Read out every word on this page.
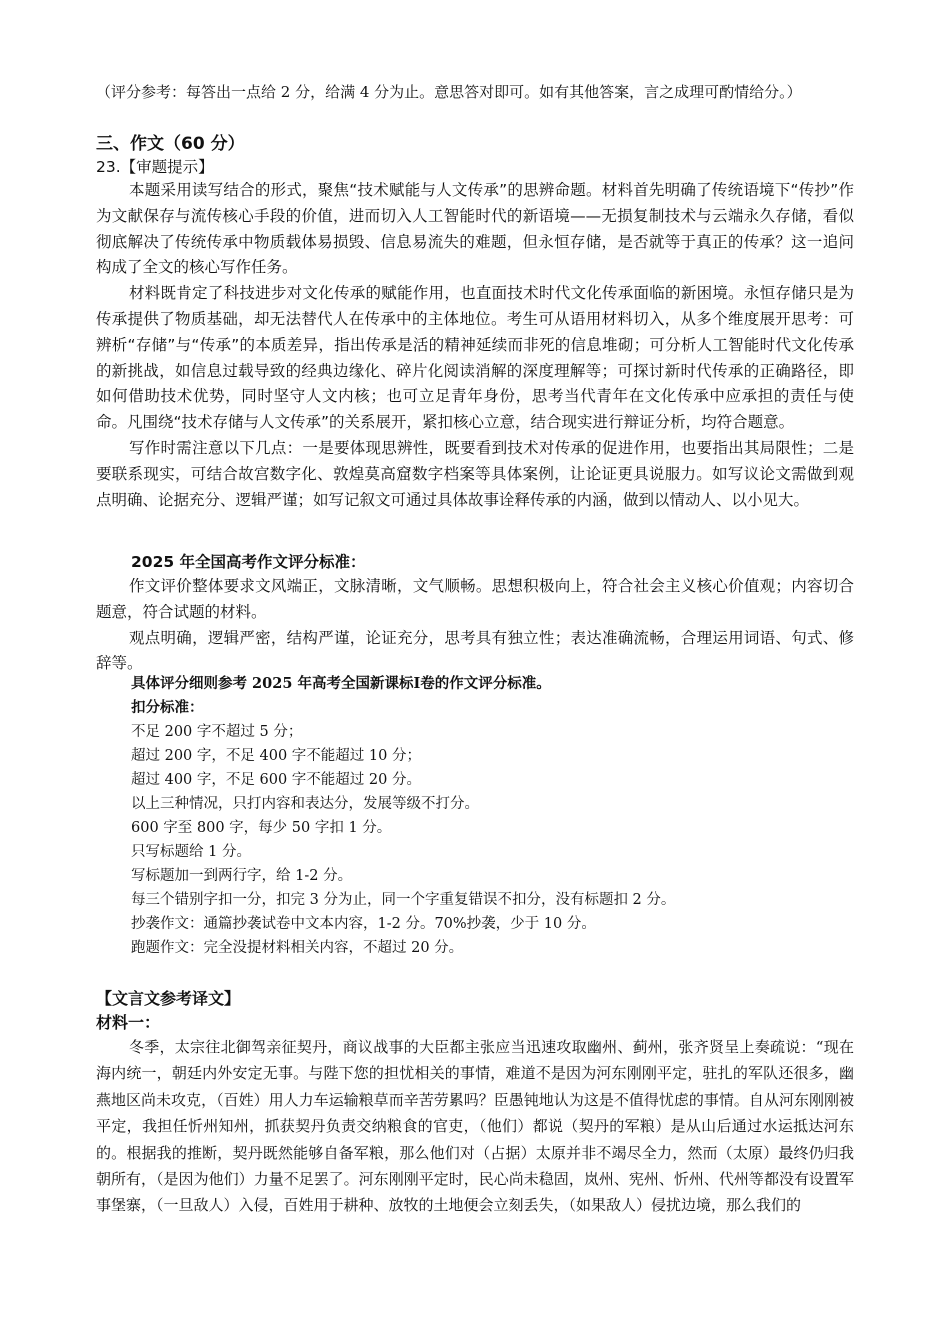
（评分参考：每答出一点给 2 分，给满 4 分为止。意思答对即可。如有其他答案，言之成理可酌情给分。）

三、作文（60 分）
23.【审题提示】

本题采用读写结合的形式，聚焦“技术赋能与人文传承”的思辨命题。材料首先明确了传统语境下“传抄”作为文献保存与流传核心手段的价值，进而切入人工智能时代的新语境——无损复制技术与云端永久存储，看似彻底解决了传统传承中物质载体易损毁、信息易流失的难题，但永恒存储，是否就等于真正的传承？这一追问构成了全文的核心写作任务。

材料既肯定了科技进步对文化传承的赋能作用，也直面技术时代文化传承面临的新困境。永恒存储只是为传承提供了物质基础，却无法替代人在传承中的主体地位。考生可从语用材料切入，从多个维度展开思考：可辨析“存储”与“传承”的本质差异，指出传承是活的精神延续而非死的信息堆砌；可分析人工智能时代文化传承的新挑战，如信息过载导致的经典边缘化、碎片化阅读消解的深度理解等；可探讨新时代传承的正确路径，即如何借助技术优势，同时坚守人文内核；也可立足青年身份，思考当代青年在文化传承中应承担的责任与使命。凡围绕“技术存储与人文传承”的关系展开，紧扣核心立意，结合现实进行辩证分析，均符合题意。

写作时需注意以下几点：一是要体现思辨性，既要看到技术对传承的促进作用，也要指出其局限性；二是要联系现实，可结合故宫数字化、敦煌莫高窟数字档案等具体案例，让论证更具说服力。如写议论文需做到观点明确、论据充分、逻辑严谨；如写记叙文可通过具体故事诠释传承的内涵，做到以情动人、以小见大。

2025 年全国高考作文评分标准：

作文评价整体要求文风端正，文脉清晰，文气顺畅。思想积极向上，符合社会主义核心价值观；内容切合题意，符合试题的材料。

观点明确，逻辑严密，结构严谨，论证充分，思考具有独立性；表达准确流畅，合理运用词语、句式、修辞等。

具体评分细则参考 2025 年高考全国新课标Ⅰ卷的作文评分标准。
扣分标准：
不足 200 字不超过 5 分；
超过 200 字，不足 400 字不能超过 10 分；
超过 400 字，不足 600 字不能超过 20 分。
以上三种情况，只打内容和表达分，发展等级不打分。
600 字至 800 字，每少 50 字扣 1 分。
只写标题给 1 分。
写标题加一到两行字，给 1-2 分。
每三个错别字扣一分，扣完 3 分为止，同一个字重复错误不扣分，没有标题扣 2 分。
抄袭作文：通篇抄袭试卷中文本内容，1-2 分。70%抄袭，少于 10 分。
跑题作文：完全没提材料相关内容，不超过 20 分。
【文言文参考译文】
材料一：

冬季，太宗往北御驾亲征契丹，商议战事的大臣都主张应当迅速攻取幽州、蓟州，张齐贤呈上奏疏说：“现在海内统一，朝廷内外安定无事。与陛下您的担忧相关的事情，难道不是因为河东刚刚平定，驻扎的军队还很多，幽燕地区尚未攻克，（百姓）用人力车运输粮草而辛苦劳累吗？臣愚钝地认为这是不值得忧虑的事情。自从河东刚刚被平定，我担任忻州知州，抓获契丹负责交纳粮食的官吏，（他们）都说（契丹的军粮）是从山后通过水运抵达河东的。根据我的推断，契丹既然能够自备军粮，那么他们对（占据）太原并非不竭尽全力，然而（太原）最终仍归我朝所有，（是因为他们）力量不足罢了。河东刚刚平定时，民心尚未稳固，岚州、宪州、忻州、代州等都没有设置军事堡寨，（一旦敌人）入侵，百姓用于耕种、放牧的土地便会立刻丢失，（如果敌人）侵扰边境，那么我们的
